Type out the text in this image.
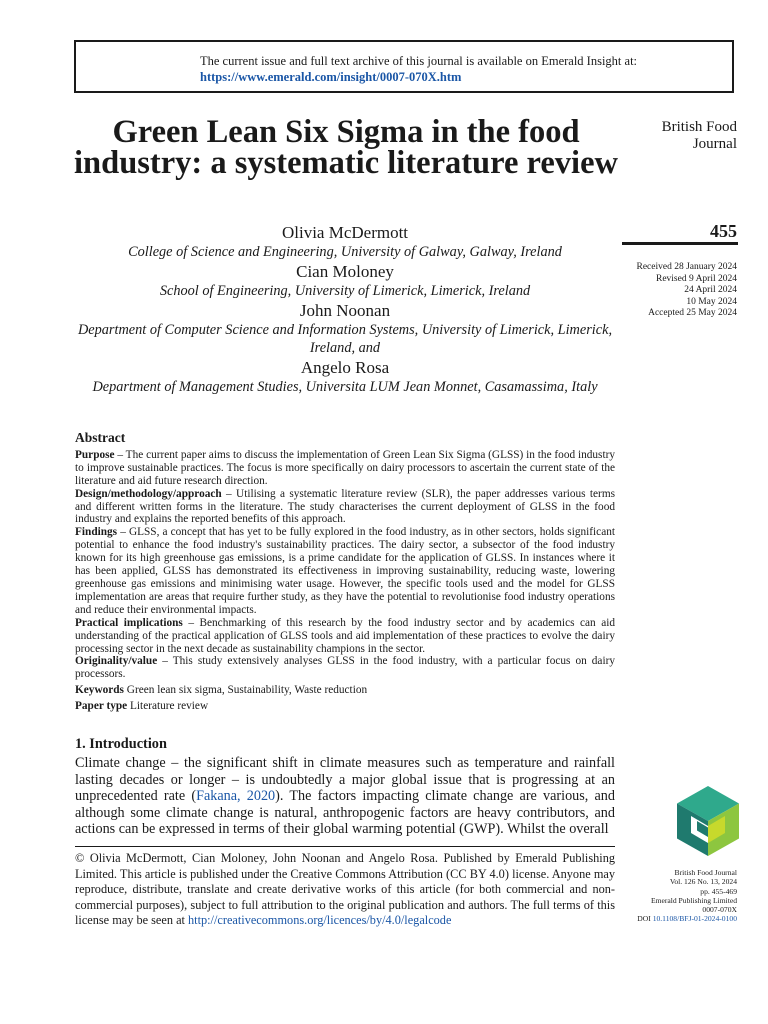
The current issue and full text archive of this journal is available on Emerald Insight at:
https://www.emerald.com/insight/0007-070X.htm
British Food
Journal
455
Received 28 January 2024
Revised 9 April 2024
24 April 2024
10 May 2024
Accepted 25 May 2024
Green Lean Six Sigma in the food industry: a systematic literature review
Olivia McDermott
College of Science and Engineering, University of Galway, Galway, Ireland
Cian Moloney
School of Engineering, University of Limerick, Limerick, Ireland
John Noonan
Department of Computer Science and Information Systems, University of Limerick, Limerick, Ireland, and
Angelo Rosa
Department of Management Studies, Universita LUM Jean Monnet, Casamassima, Italy
Abstract

Purpose – The current paper aims to discuss the implementation of Green Lean Six Sigma (GLSS) in the food industry to improve sustainable practices. The focus is more specifically on dairy processors to ascertain the current state of the literature and aid future research direction.

Design/methodology/approach – Utilising a systematic literature review (SLR), the paper addresses various terms and different written forms in the literature. The study characterises the current deployment of GLSS in the food industry and explains the reported benefits of this approach.

Findings – GLSS, a concept that has yet to be fully explored in the food industry, as in other sectors, holds significant potential to enhance the food industry's sustainability practices. The dairy sector, a subsector of the food industry known for its high greenhouse gas emissions, is a prime candidate for the application of GLSS. In instances where it has been applied, GLSS has demonstrated its effectiveness in improving sustainability, reducing waste, lowering greenhouse gas emissions and minimising water usage. However, the specific tools used and the model for GLSS implementation are areas that require further study, as they have the potential to revolutionise food industry operations and reduce their environmental impacts.

Practical implications – Benchmarking of this research by the food industry sector and by academics can aid understanding of the practical application of GLSS tools and aid implementation of these practices to evolve the dairy processing sector in the next decade as sustainability champions in the sector.

Originality/value – This study extensively analyses GLSS in the food industry, with a particular focus on dairy processors.

Keywords Green lean six sigma, Sustainability, Waste reduction

Paper type Literature review

1. Introduction

Climate change – the significant shift in climate measures such as temperature and rainfall lasting decades or longer – is undoubtedly a major global issue that is progressing at an unprecedented rate (Fakana, 2020). The factors impacting climate change are various, and although some climate change is natural, anthropogenic factors are heavy contributors, and actions can be expressed in terms of their global warming potential (GWP). Whilst the overall

© Olivia McDermott, Cian Moloney, John Noonan and Angelo Rosa. Published by Emerald Publishing Limited. This article is published under the Creative Commons Attribution (CC BY 4.0) license. Anyone may reproduce, distribute, translate and create derivative works of this article (for both commercial and non-commercial purposes), subject to full attribution to the original publication and authors. The full terms of this license may be seen at http://creativecommons.org/licences/by/4.0/legalcode

British Food Journal
Vol. 126 No. 13, 2024
pp. 455-469
Emerald Publishing Limited
0007-070X
DOI 10.1108/BFJ-01-2024-0100
